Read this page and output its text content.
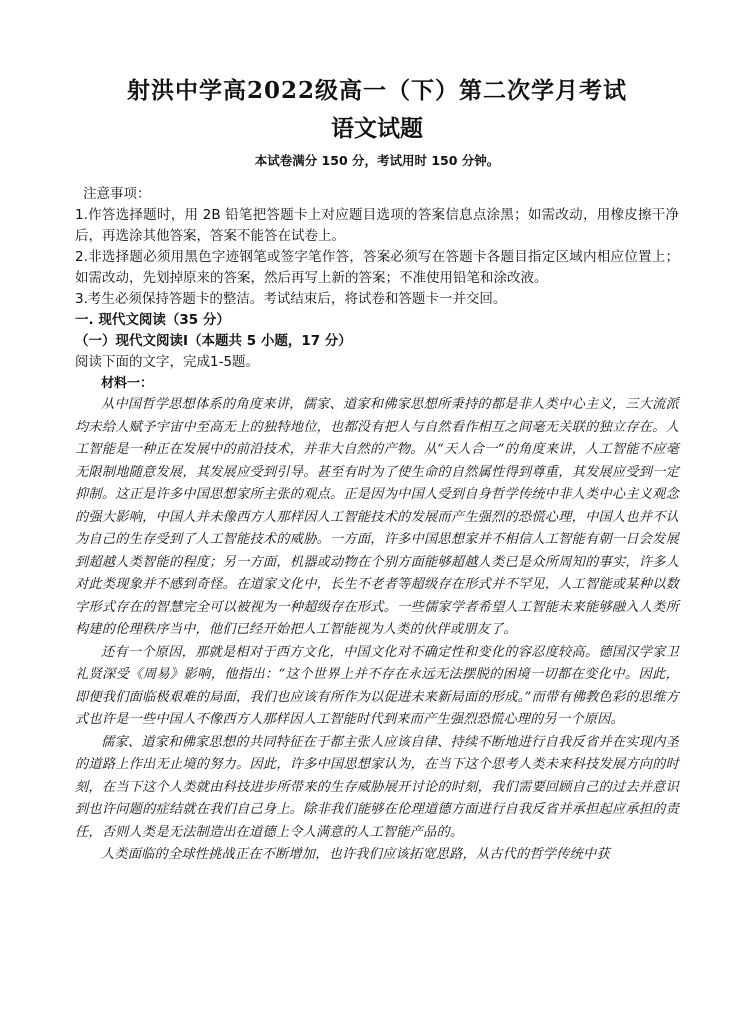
射洪中学高2022级高一（下）第二次学月考试
语文试题

本试卷满分 150 分，考试用时 150 分钟。

注意事项：

1.作答选择题时，用 2B 铅笔把答题卡上对应题目选项的答案信息点涂黑；如需改动，用橡皮擦干净后，再选涂其他答案，答案不能答在试卷上。

2.非选择题必须用黑色字迹钢笔或签字笔作答，答案必须写在答题卡各题目指定区域内相应位置上；如需改动，先划掉原来的答案，然后再写上新的答案；不准使用铅笔和涂改液。

3.考生必须保持答题卡的整洁。考试结束后，将试卷和答题卡一并交回。

一. 现代文阅读（35 分）

（一）现代文阅读Ⅰ（本题共 5 小题，17 分）

阅读下面的文字，完成1-5题。

材料一：

从中国哲学思想体系的角度来讲，儒家、道家和佛家思想所秉持的都是非人类中心主义，三大流派均未给人赋予宇宙中至高无上的独特地位，也都没有把人与自然看作相互之间毫无关联的独立存在。人工智能是一种正在发展中的前沿技术，并非大自然的产物。从“天人合一”的角度来讲，人工智能不应毫无限制地随意发展，其发展应受到引导。甚至有时为了使生命的自然属性得到尊重，其发展应受到一定抑制。这正是许多中国思想家所主张的观点。正是因为中国人受到自身哲学传统中非人类中心主义观念的强大影响，中国人并未像西方人那样因人工智能技术的发展而产生强烈的恐慌心理，中国人也并不认为自己的生存受到了人工智能技术的威胁。一方面，许多中国思想家并不相信人工智能有朝一日会发展到超越人类智能的程度；另一方面，机器或动物在个别方面能够超越人类已是众所周知的事实，许多人对此类现象并不感到奇怪。在道家文化中，长生不老者等超级存在形式并不罕见，人工智能或某种以数字形式存在的智慧完全可以被视为一种超级存在形式。一些儒家学者希望人工智能未来能够融入人类所构建的伦理秩序当中，他们已经开始把人工智能视为人类的伙伴或朋友了。

还有一个原因，那就是相对于西方文化，中国文化对不确定性和变化的容忍度较高。德国汉学家卫礼贤深受《周易》影响，他指出：“这个世界上并不存在永远无法摆脱的困境一切都在变化中。因此，即便我们面临极艰难的局面，我们也应该有所作为以促进未来新局面的形成。”而带有佛教色彩的思维方式也许是一些中国人不像西方人那样因人工智能时代到来而产生强烈恐慌心理的另一个原因。

儒家、道家和佛家思想的共同特征在于都主张人应该自律、持续不断地进行自我反省并在实现内圣的道路上作出无止境的努力。因此，许多中国思想家认为，在当下这个思考人类未来科技发展方向的时刻，在当下这个人类就由科技进步所带来的生存威胁展开讨论的时刻，我们需要回顾自己的过去并意识到也许问题的症结就在我们自己身上。除非我们能够在伦理道德方面进行自我反省并承担起应承担的责任，否则人类是无法制造出在道德上令人满意的人工智能产品的。

人类面临的全球性挑战正在不断增加，也许我们应该拓宽思路，从古代的哲学传统中获
